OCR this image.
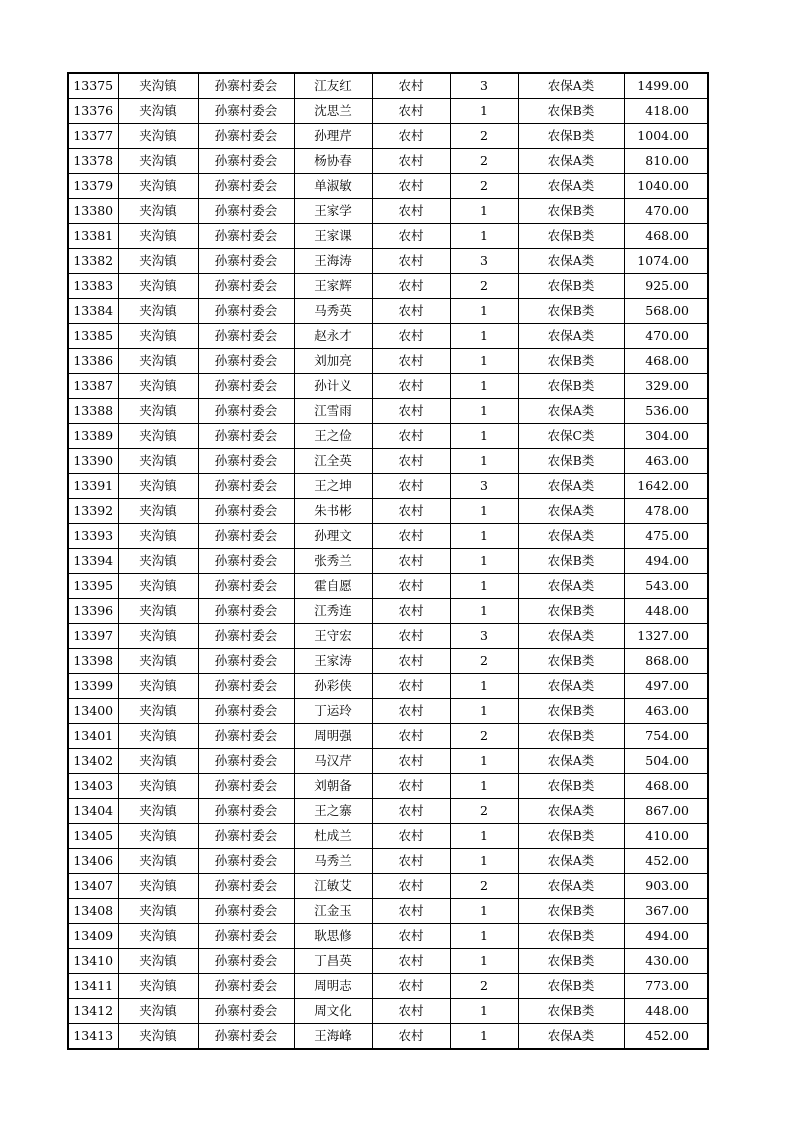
13375	夹沟镇	孙寨村委会	江友红	农村	3	农保A类	1499.00
13376	夹沟镇	孙寨村委会	沈思兰	农村	1	农保B类	418.00
13377	夹沟镇	孙寨村委会	孙理芹	农村	2	农保B类	1004.00
13378	夹沟镇	孙寨村委会	杨协春	农村	2	农保A类	810.00
13379	夹沟镇	孙寨村委会	单淑敏	农村	2	农保A类	1040.00
13380	夹沟镇	孙寨村委会	王家学	农村	1	农保B类	470.00
13381	夹沟镇	孙寨村委会	王家课	农村	1	农保B类	468.00
13382	夹沟镇	孙寨村委会	王海涛	农村	3	农保A类	1074.00
13383	夹沟镇	孙寨村委会	王家辉	农村	2	农保B类	925.00
13384	夹沟镇	孙寨村委会	马秀英	农村	1	农保B类	568.00
13385	夹沟镇	孙寨村委会	赵永才	农村	1	农保A类	470.00
13386	夹沟镇	孙寨村委会	刘加亮	农村	1	农保B类	468.00
13387	夹沟镇	孙寨村委会	孙计义	农村	1	农保B类	329.00
13388	夹沟镇	孙寨村委会	江雪雨	农村	1	农保A类	536.00
13389	夹沟镇	孙寨村委会	王之俭	农村	1	农保C类	304.00
13390	夹沟镇	孙寨村委会	江全英	农村	1	农保B类	463.00
13391	夹沟镇	孙寨村委会	王之坤	农村	3	农保A类	1642.00
13392	夹沟镇	孙寨村委会	朱书彬	农村	1	农保A类	478.00
13393	夹沟镇	孙寨村委会	孙理文	农村	1	农保A类	475.00
13394	夹沟镇	孙寨村委会	张秀兰	农村	1	农保B类	494.00
13395	夹沟镇	孙寨村委会	霍自愿	农村	1	农保A类	543.00
13396	夹沟镇	孙寨村委会	江秀连	农村	1	农保B类	448.00
13397	夹沟镇	孙寨村委会	王守宏	农村	3	农保A类	1327.00
13398	夹沟镇	孙寨村委会	王家涛	农村	2	农保B类	868.00
13399	夹沟镇	孙寨村委会	孙彩侠	农村	1	农保A类	497.00
13400	夹沟镇	孙寨村委会	丁运玲	农村	1	农保B类	463.00
13401	夹沟镇	孙寨村委会	周明强	农村	2	农保B类	754.00
13402	夹沟镇	孙寨村委会	马汉芹	农村	1	农保A类	504.00
13403	夹沟镇	孙寨村委会	刘朝备	农村	1	农保B类	468.00
13404	夹沟镇	孙寨村委会	王之寨	农村	2	农保A类	867.00
13405	夹沟镇	孙寨村委会	杜成兰	农村	1	农保B类	410.00
13406	夹沟镇	孙寨村委会	马秀兰	农村	1	农保A类	452.00
13407	夹沟镇	孙寨村委会	江敏艾	农村	2	农保A类	903.00
13408	夹沟镇	孙寨村委会	江金玉	农村	1	农保B类	367.00
13409	夹沟镇	孙寨村委会	耿思修	农村	1	农保B类	494.00
13410	夹沟镇	孙寨村委会	丁昌英	农村	1	农保B类	430.00
13411	夹沟镇	孙寨村委会	周明志	农村	2	农保B类	773.00
13412	夹沟镇	孙寨村委会	周文化	农村	1	农保B类	448.00
13413	夹沟镇	孙寨村委会	王海峰	农村	1	农保A类	452.00
